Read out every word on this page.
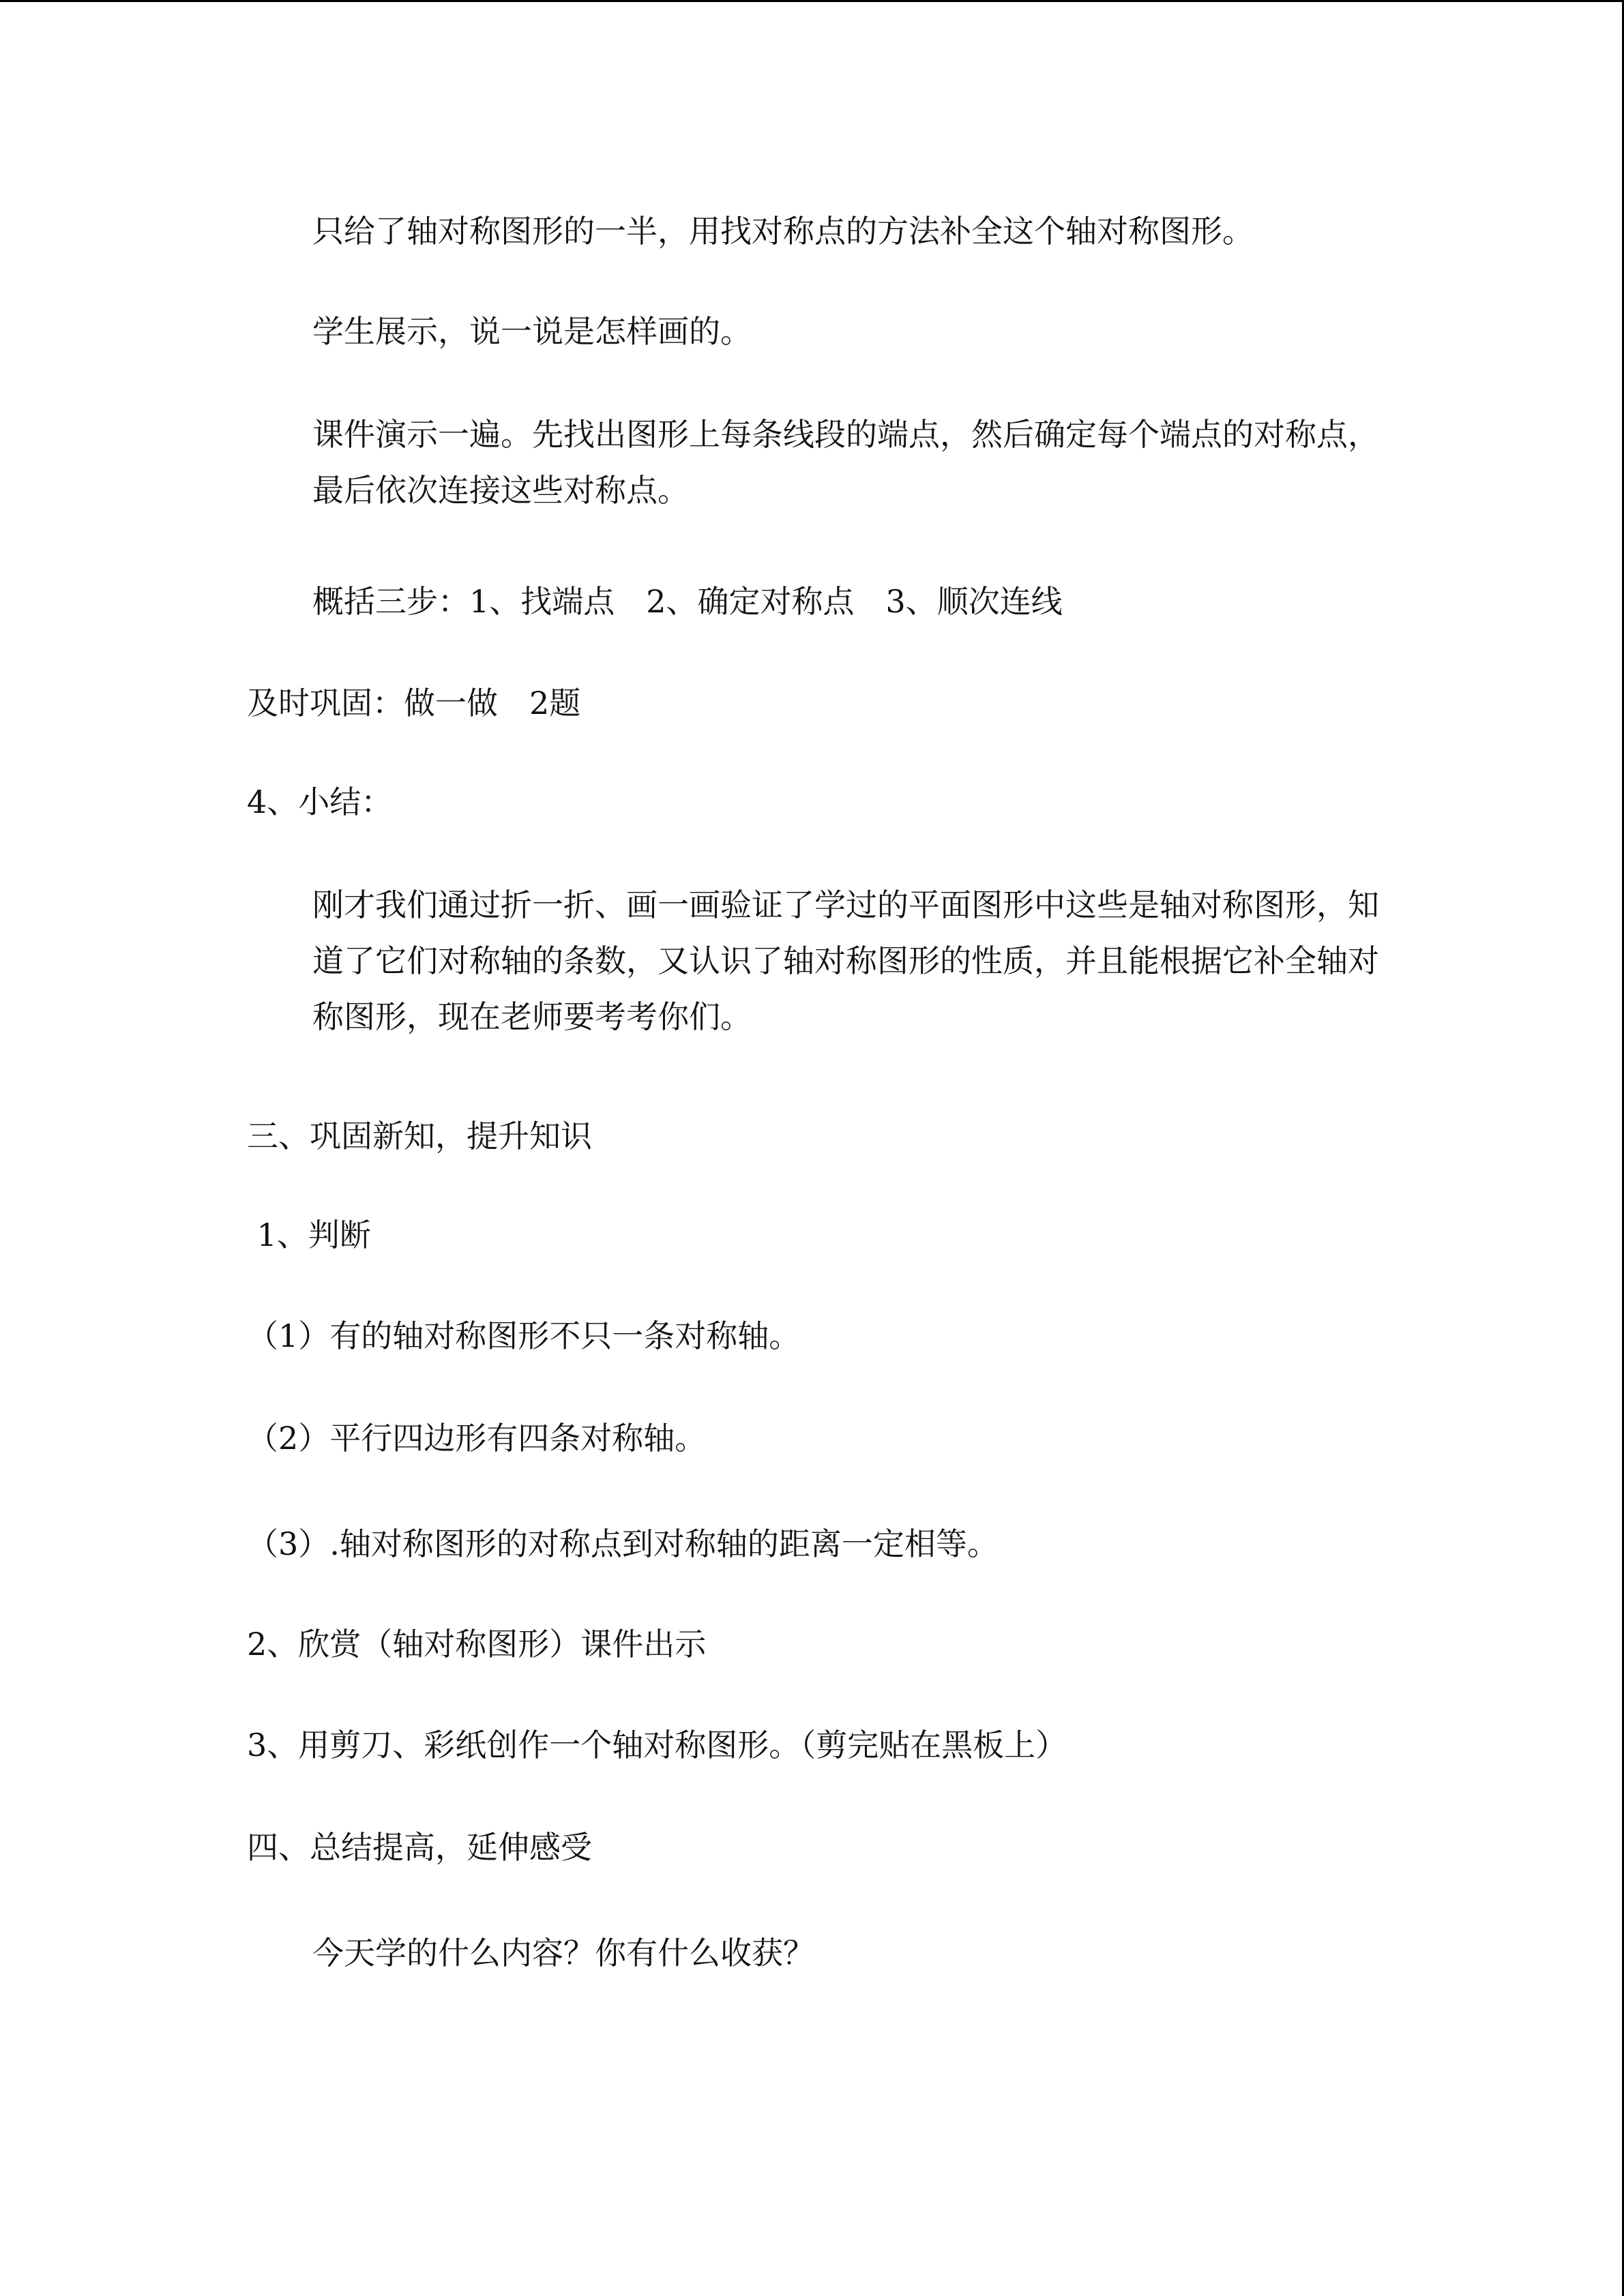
只给了轴对称图形的一半，用找对称点的方法补全这个轴对称图形。

学生展示，说一说是怎样画的。

课件演示一遍。先找出图形上每条线段的端点，然后确定每个端点的对称点，最后依次连接这些对称点。

概括三步：1、找端点　2、确定对称点　3、顺次连线

及时巩固：做一做　2题

4、小结：

刚才我们通过折一折、画一画验证了学过的平面图形中这些是轴对称图形，知道了它们对称轴的条数，又认识了轴对称图形的性质，并且能根据它补全轴对称图形，现在老师要考考你们。

三、巩固新知，提升知识

1、判断

（1）有的轴对称图形不只一条对称轴。

（2）平行四边形有四条对称轴。

（3）.轴对称图形的对称点到对称轴的距离一定相等。

2、欣赏（轴对称图形）课件出示

3、用剪刀、彩纸创作一个轴对称图形。（剪完贴在黑板上）

四、总结提高，延伸感受

今天学的什么内容？你有什么收获？
